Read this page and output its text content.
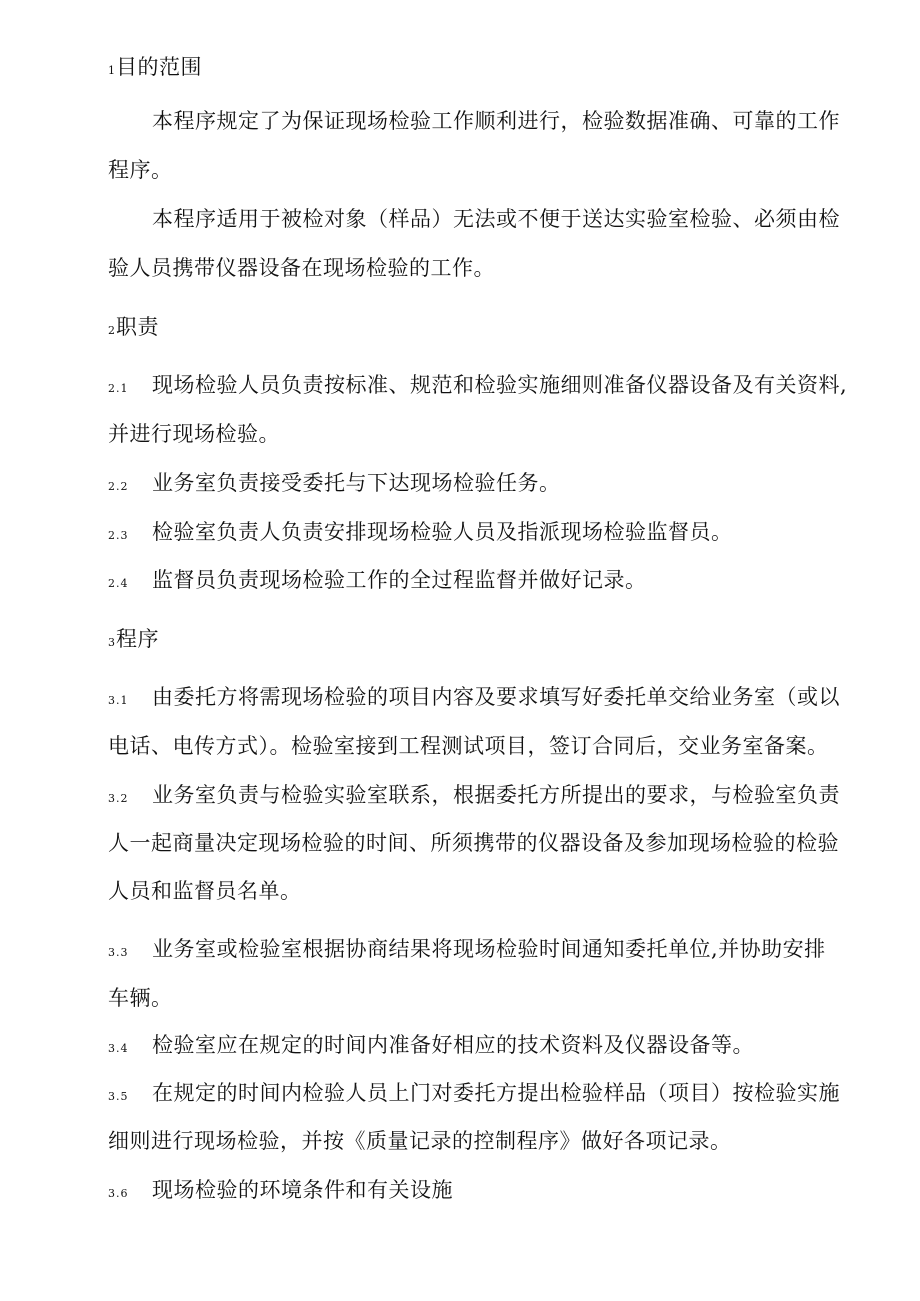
1目的范围
本程序规定了为保证现场检验工作顺利进行，检验数据准确、可靠的工作
程序。
本程序适用于被检对象（样品）无法或不便于送达实验室检验、必须由检
验人员携带仪器设备在现场检验的工作。
2职责
2.1 现场检验人员负责按标准、规范和检验实施细则准备仪器设备及有关资料,
并进行现场检验。
2.2 业务室负责接受委托与下达现场检验任务。
2.3 检验室负责人负责安排现场检验人员及指派现场检验监督员。
2.4 监督员负责现场检验工作的全过程监督并做好记录。
3程序
3.1 由委托方将需现场检验的项目内容及要求填写好委托单交给业务室（或以
电话、电传方式）。检验室接到工程测试项目，签订合同后，交业务室备案。
3.2 业务室负责与检验实验室联系，根据委托方所提出的要求，与检验室负责
人一起商量决定现场检验的时间、所须携带的仪器设备及参加现场检验的检验
人员和监督员名单。
3.3 业务室或检验室根据协商结果将现场检验时间通知委托单位,并协助安排
车辆。
3.4 检验室应在规定的时间内准备好相应的技术资料及仪器设备等。
3.5 在规定的时间内检验人员上门对委托方提出检验样品（项目）按检验实施
细则进行现场检验，并按《质量记录的控制程序》做好各项记录。
3.6 现场检验的环境条件和有关设施
